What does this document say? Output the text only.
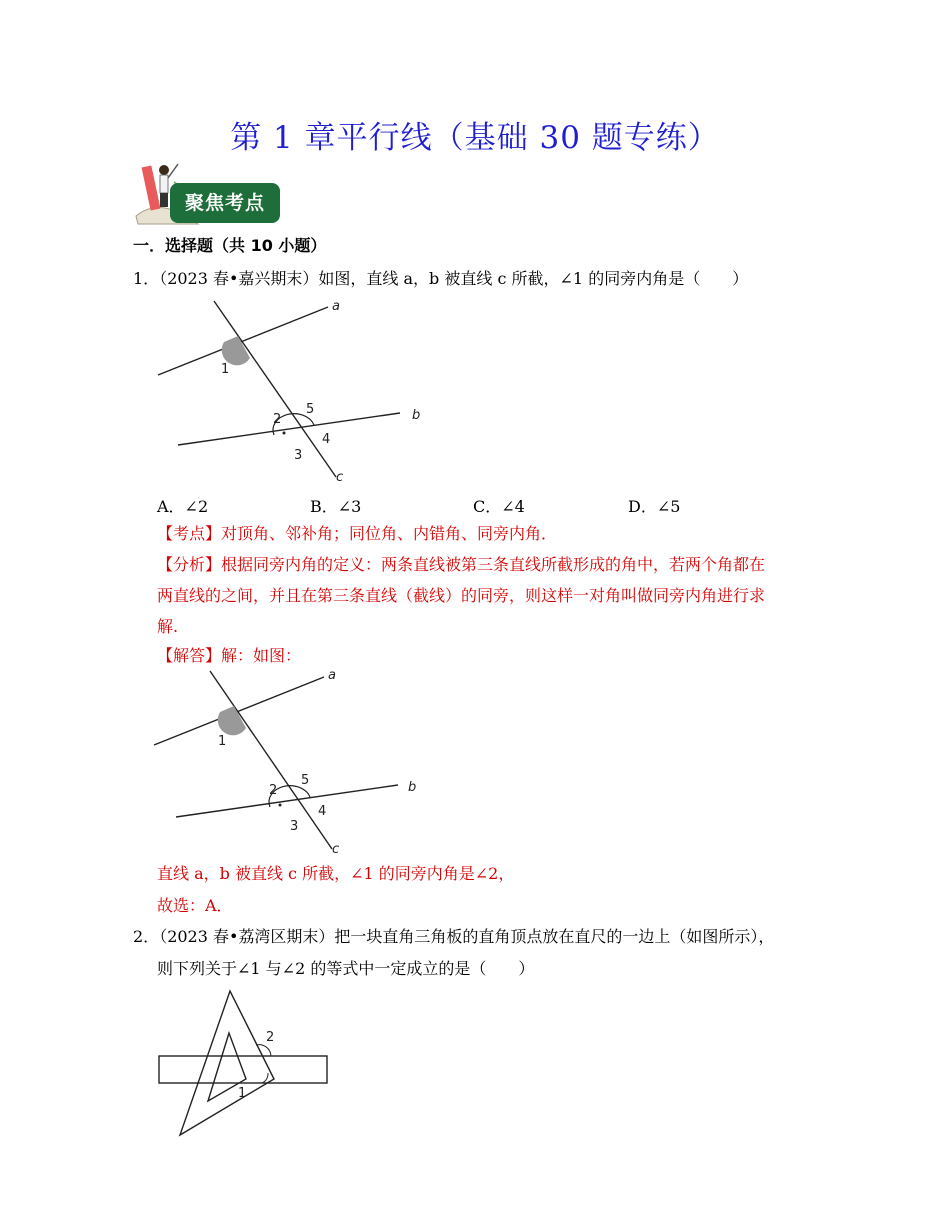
第 1 章平行线（基础 30 题专练）
聚焦考点
一．选择题（共 10 小题）
1．（2023 春•嘉兴期末）如图，直线 a，b 被直线 c 所截，∠1 的同旁内角是（　　）
a
b
c
1
2
3
4
5
A．∠2	B．∠3	C．∠4	D．∠5
【考点】对顶角、邻补角；同位角、内错角、同旁内角．
【分析】根据同旁内角的定义：两条直线被第三条直线所截形成的角中，若两个角都在
两直线的之间，并且在第三条直线（截线）的同旁，则这样一对角叫做同旁内角进行求
解.
【解答】解：如图：
a
b
c
1
2
3
4
5
直线 a，b 被直线 c 所截，∠1 的同旁内角是∠2，
故选：A．
2．（2023 春•荔湾区期末）把一块直角三角板的直角顶点放在直尺的一边上（如图所示），
则下列关于∠1 与∠2 的等式中一定成立的是（　　）
2
1
